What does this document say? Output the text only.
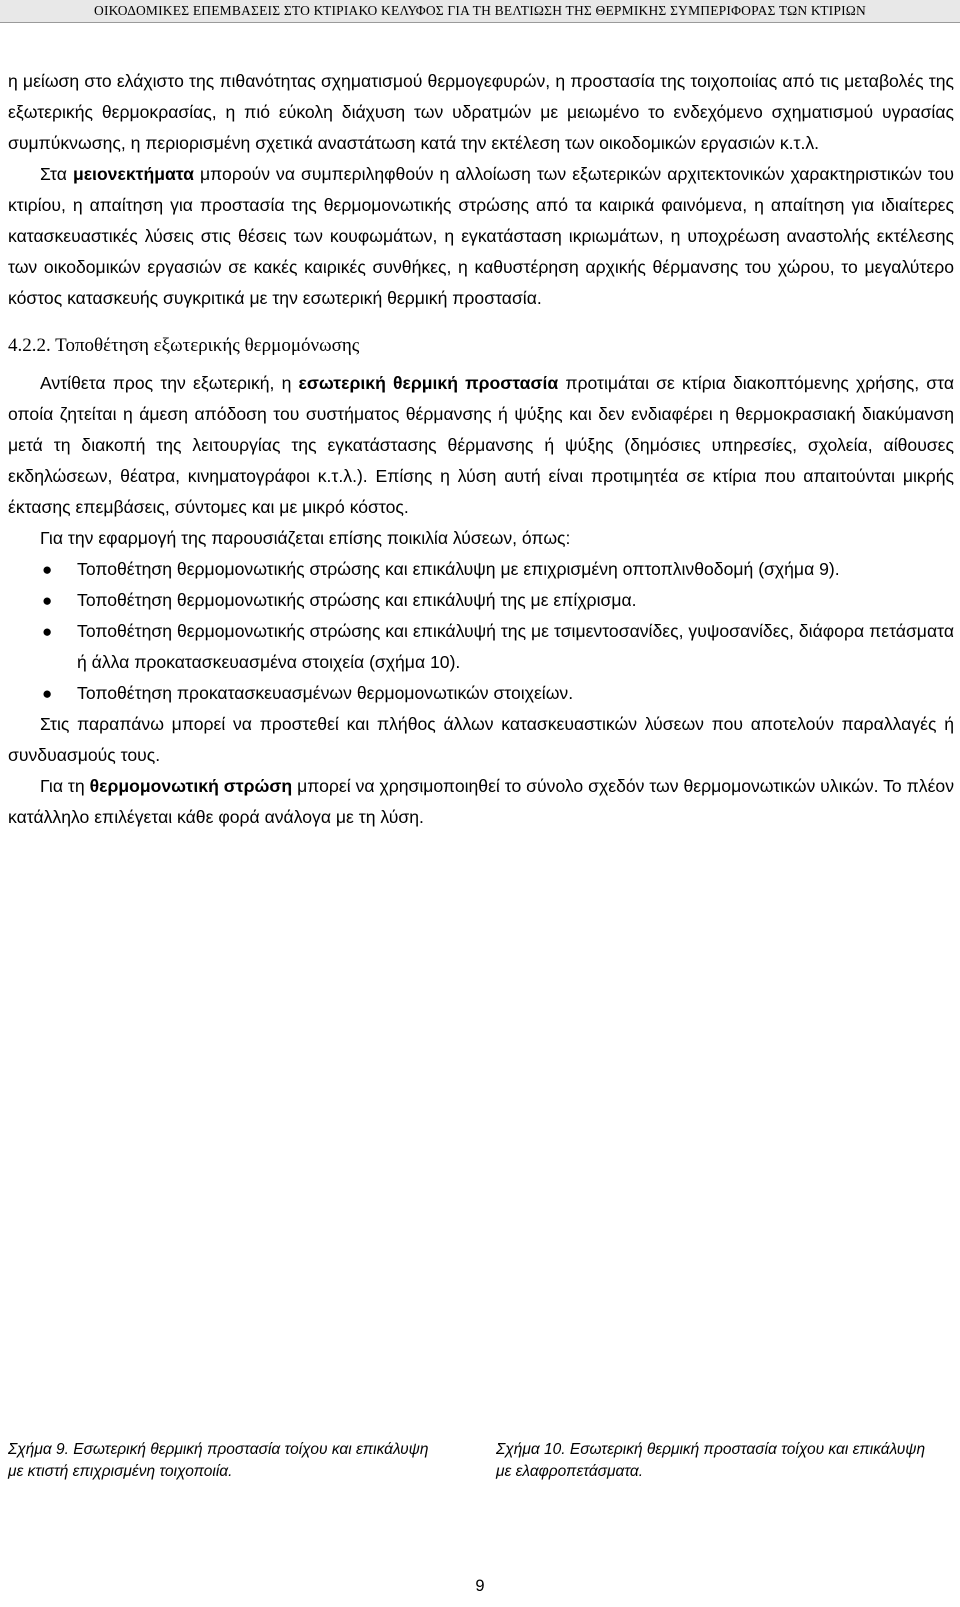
ΟΙΚΟΔΟΜΙΚΕΣ ΕΠΕΜΒΑΣΕΙΣ ΣΤΟ ΚΤΙΡΙΑΚΟ ΚΕΛΥΦΟΣ ΓΙΑ ΤΗ ΒΕΛΤΙΩΣΗ ΤΗΣ ΘΕΡΜΙΚΗΣ ΣΥΜΠΕΡΙΦΟΡΑΣ ΤΩΝ ΚΤΙΡΙΩΝ

η μείωση στο ελάχιστο της πιθανότητας σχηματισμού θερμογεφυρών, η προστασία της τοιχοποιίας από τις μεταβολές της εξωτερικής θερμοκρασίας, η πιό εύκολη διάχυση των υδρατμών με μειωμένο το ενδεχόμενο σχηματισμού υγρασίας συμπύκνωσης, η περιορισμένη σχετικά αναστάτωση κατά την εκτέλεση των οικοδομικών εργασιών κ.τ.λ.

Στα μειονεκτήματα μπορούν να συμπεριληφθούν η αλλοίωση των εξωτερικών αρχιτεκτονικών χαρακτηριστικών του κτιρίου, η απαίτηση για προστασία της θερμομονωτικής στρώσης από τα καιρικά φαινόμενα, η απαίτηση για ιδιαίτερες κατασκευαστικές λύσεις στις θέσεις των κουφωμάτων, η εγκατάσταση ικριωμάτων, η υποχρέωση αναστολής εκτέλεσης των οικοδομικών εργασιών σε κακές καιρικές συνθήκες, η καθυστέρηση αρχικής θέρμανσης του χώρου, το μεγαλύτερο κόστος κατασκευής συγκριτικά με την εσωτερική θερμική προστασία.

4.2.2. Τοποθέτηση εξωτερικής θερμομόνωσης

Αντίθετα προς την εξωτερική, η εσωτερική θερμική προστασία προτιμάται σε κτίρια διακοπτόμενης χρήσης, στα οποία ζητείται η άμεση απόδοση του συστήματος θέρμανσης ή ψύξης και δεν ενδιαφέρει η θερμοκρασιακή διακύμανση μετά τη διακοπή της λειτουργίας της εγκατάστασης θέρμανσης ή ψύξης (δημόσιες υπηρεσίες, σχολεία, αίθουσες εκδηλώσεων, θέατρα, κινηματογράφοι κ.τ.λ.). Επίσης η λύση αυτή είναι προτιμητέα σε κτίρια που απαιτούνται μικρής έκτασης επεμβάσεις, σύντομες και με μικρό κόστος.

Για την εφαρμογή της παρουσιάζεται επίσης ποικιλία λύσεων, όπως:

● Τοποθέτηση θερμομονωτικής στρώσης και επικάλυψη με επιχρισμένη οπτοπλινθοδομή (σχήμα 9).
● Τοποθέτηση θερμομονωτικής στρώσης και επικάλυψή της με επίχρισμα.
● Τοποθέτηση θερμομονωτικής στρώσης και επικάλυψή της με τσιμεντοσανίδες, γυψοσανίδες, διάφορα πετάσματα ή άλλα προκατασκευασμένα στοιχεία (σχήμα 10).
● Τοποθέτηση προκατασκευασμένων θερμομονωτικών στοιχείων.

Στις παραπάνω μπορεί να προστεθεί και πλήθος άλλων κατασκευαστικών λύσεων που αποτελούν παραλλαγές ή συνδυασμούς τους.

Για τη θερμομονωτική στρώση μπορεί να χρησιμοποιηθεί το σύνολο σχεδόν των θερμομονωτικών υλικών. Το πλέον κατάλληλο επιλέγεται κάθε φορά ανάλογα με τη λύση.

Σχήμα 9. Εσωτερική θερμική προστασία τοίχου και επικάλυψη με κτιστή επιχρισμένη τοιχοποιία.
Σχήμα 10. Εσωτερική θερμική προστασία τοίχου και επικάλυψη με ελαφροπετάσματα.
9
